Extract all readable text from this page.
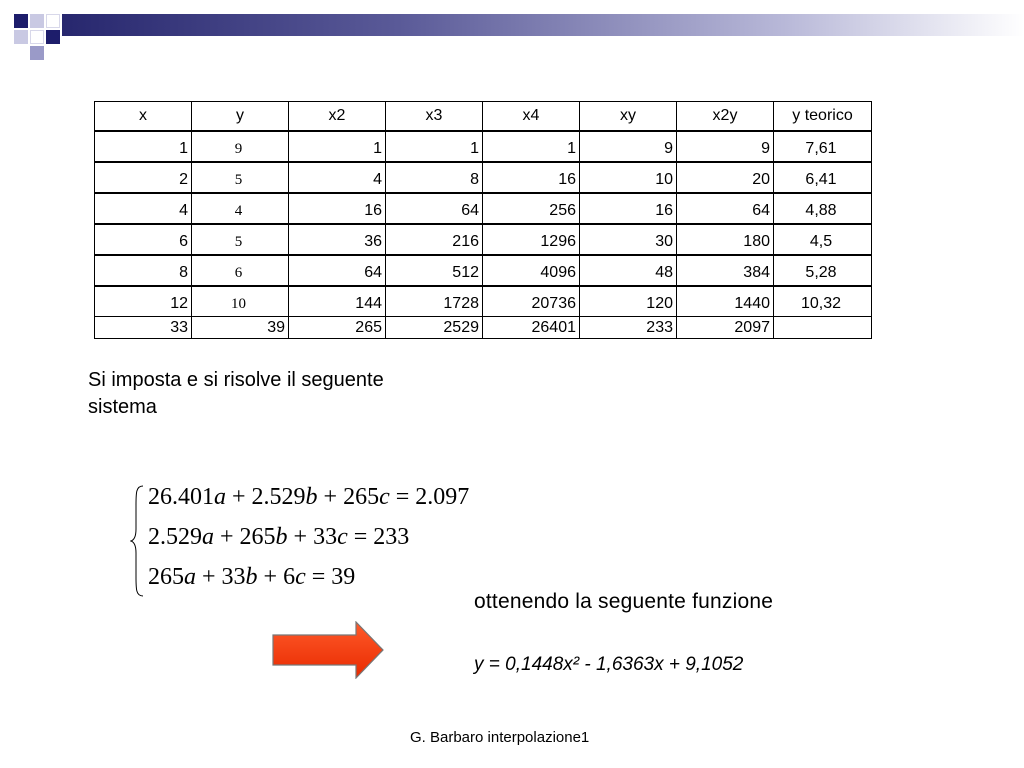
x	y	x2	x3	x4	xy	x2y	y teorico
1	9	1	1	1	9	9	7,61
2	5	4	8	16	10	20	6,41
4	4	16	64	256	16	64	4,88
6	5	36	216	1296	30	180	4,5
8	6	64	512	4096	48	384	5,28
12	10	144	1728	20736	120	1440	10,32
33	39	265	2529	26401	233	2097	
Si imposta e si risolve il seguente sistema
26.401a + 2.529b + 265c = 2.097
2.529a + 265b + 33c = 233
265a + 33b + 6c = 39
ottenendo la seguente funzione
y = 0,1448x² - 1,6363x + 9,1052
G. Barbaro interpolazione1
